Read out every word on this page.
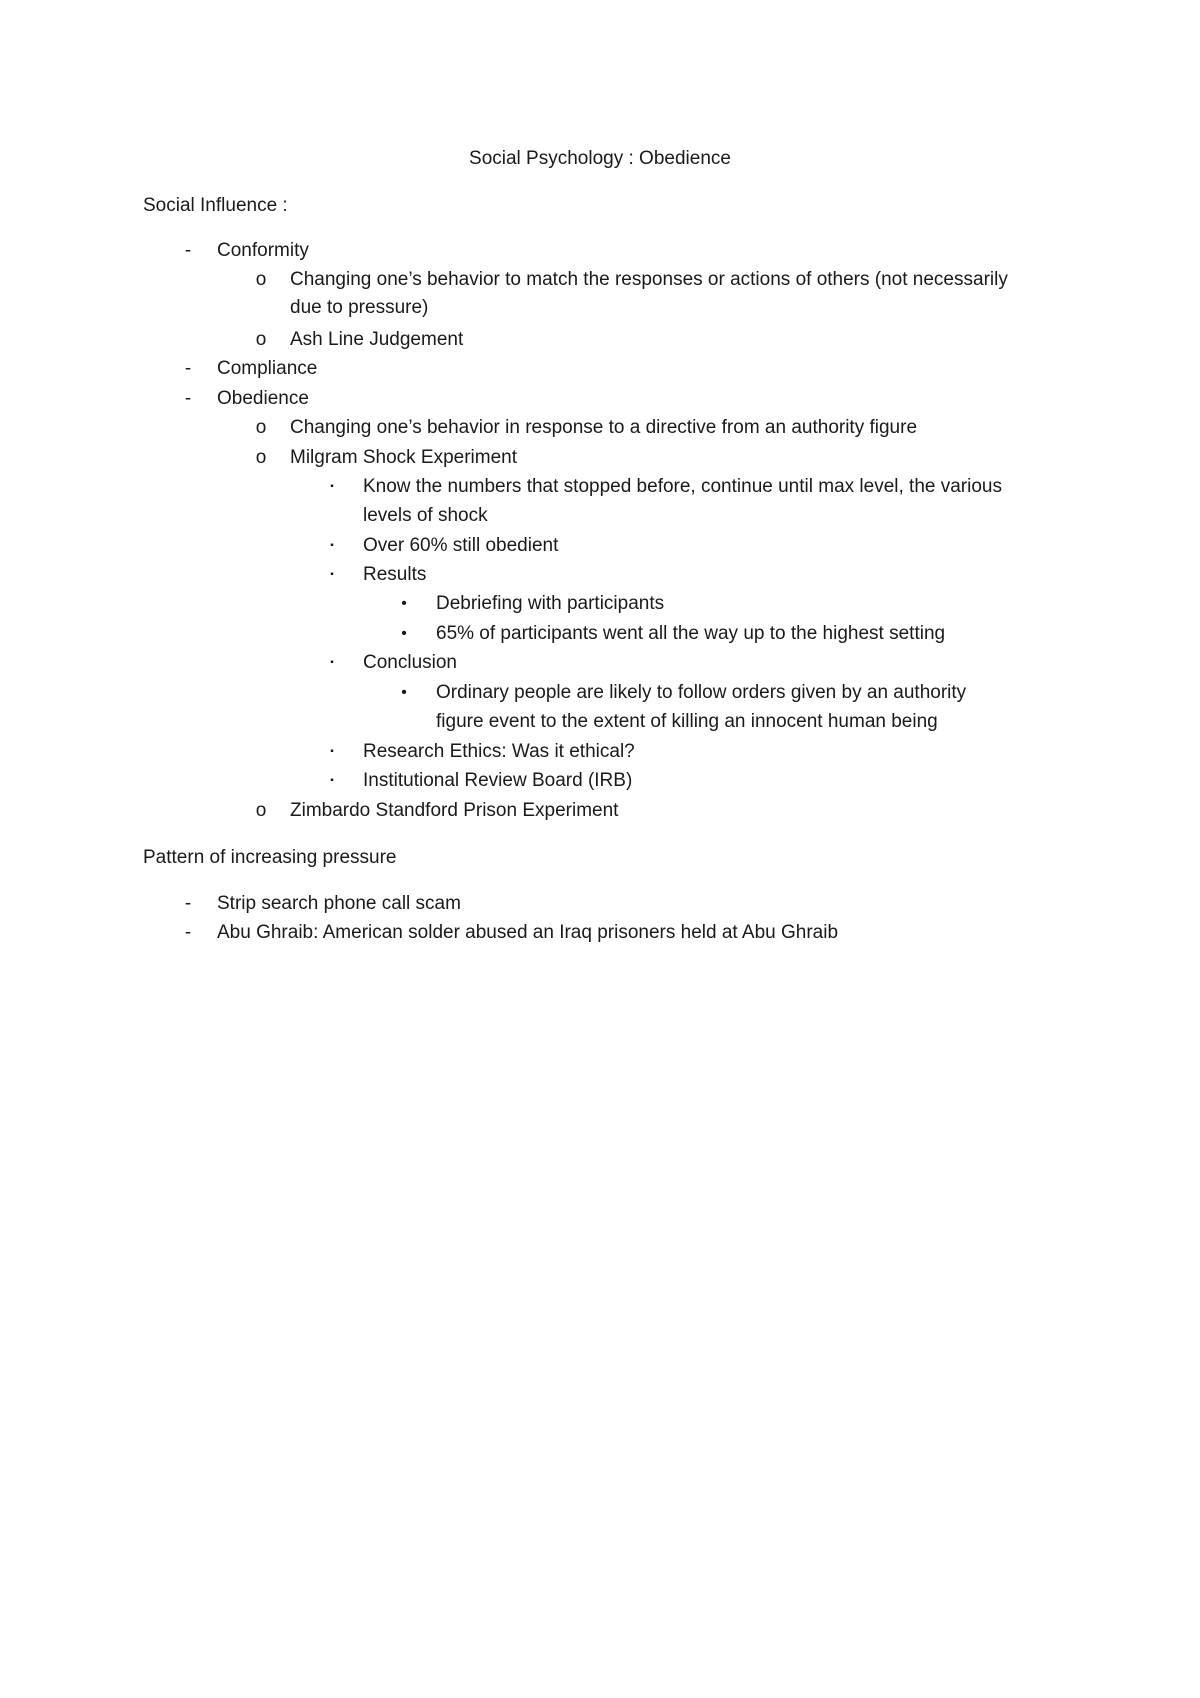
Social Psychology : Obedience
Social Influence :
-	Conformity
o Changing one’s behavior to match the responses or actions of others (not necessarily
due to pressure)
o Ash Line Judgement
-	Compliance
-	Obedience
o Changing one’s behavior in response to a directive from an authority figure
o Milgram Shock Experiment
▪	Know the numbers that stopped before, continue until max level, the various
levels of shock
▪	Over 60% still obedient
▪	Results
•	Debriefing with participants
•	65% of participants went all the way up to the highest setting
▪	Conclusion
•	Ordinary people are likely to follow orders given by an authority
figure event to the extent of killing an innocent human being
▪	Research Ethics: Was it ethical?
▪	Institutional Review Board (IRB)
o Zimbardo Standford Prison Experiment
Pattern of increasing pressure
-	Strip search phone call scam
-	Abu Ghraib: American solder abused an Iraq prisoners held at Abu Ghraib
